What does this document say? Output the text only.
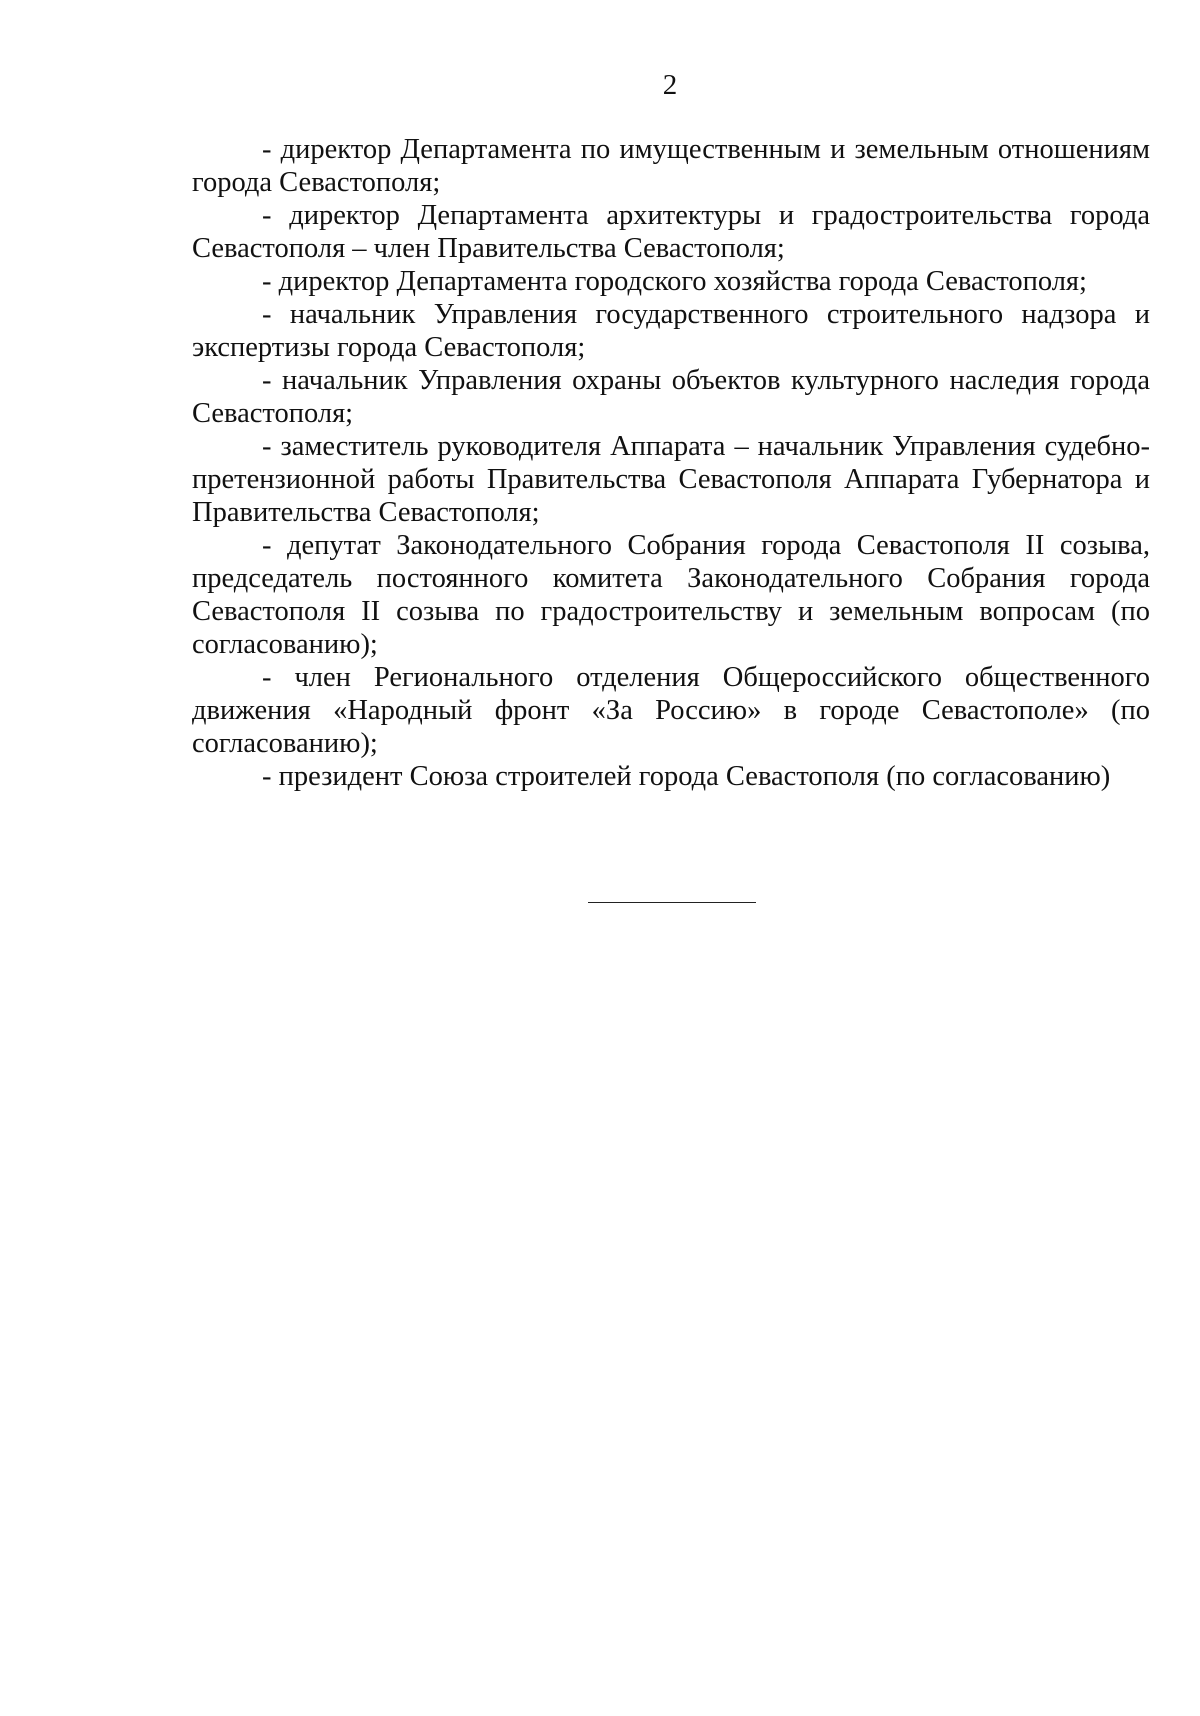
2

- директор Департамента по имущественным и земельным отношениям города Севастополя;

- директор Департамента архитектуры и градостроительства города Севастополя – член Правительства Севастополя;

- директор Департамента городского хозяйства города Севастополя;

- начальник Управления государственного строительного надзора и экспертизы города Севастополя;

- начальник Управления охраны объектов культурного наследия города Севастополя;

- заместитель руководителя Аппарата – начальник Управления судебно-претензионной работы Правительства Севастополя Аппарата Губернатора и Правительства Севастополя;

- депутат Законодательного Собрания города Севастополя II созыва, председатель постоянного комитета Законодательного Собрания города Севастополя II созыва по градостроительству и земельным вопросам (по согласованию);

- член Регионального отделения Общероссийского общественного движения «Народный фронт «За Россию» в городе Севастополе» (по согласованию);

- президент Союза строителей города Севастополя (по согласованию)
